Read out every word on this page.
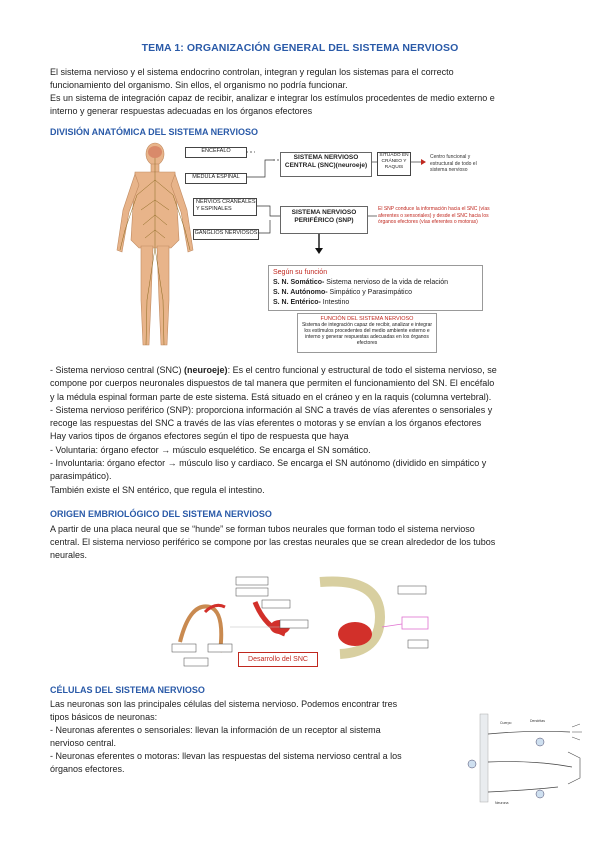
TEMA 1: ORGANIZACIÓN GENERAL DEL SISTEMA NERVIOSO
El sistema nervioso y el sistema endocrino controlan, integran y regulan los sistemas para el correcto
funcionamiento del organismo. Sin ellos, el organismo no podría funcionar.
Es un sistema de integración capaz de recibir, analizar e integrar los estímulos procedentes de medio externo e
interno y generar respuestas adecuadas en los órganos efectores
DIVISIÓN ANATÓMICA DEL SISTEMA NERVIOSO
ENCÉFALO
MÉDULA ESPINAL
NERVIOS CRANEALES Y ESPINALES
GANGLIOS NERVIOSOS
SISTEMA NERVIOSO CENTRAL (SNC)(neuroeje)
SITUADO EN CRÁNEO Y RAQUIS
Centro funcional y estructural de todo el sistema nervioso
SISTEMA NERVIOSO PERIFÉRICO (SNP)
El SNP conduce la información hacia el SNC (vías aferentes o sensoriales) y desde el SNC hacia los órganos efectores (vías eferentes o motoras)
Según su función
S. N. Somático- Sistema nervioso de la vida de relación
S. N. Autónomo- Simpático y Parasimpático
S. N. Entérico- Intestino
FUNCIÓN DEL SISTEMA NERVIOSO
Sistema de integración capaz de recibir, analizar e integrar los estímulos procedentes del medio ambiente externo e interno y generar respuestas adecuadas en los órganos efectores
- Sistema nervioso central (SNC) (neuroeje): Es el centro funcional y estructural de todo el sistema nervioso, se
compone por cuerpos neuronales dispuestos de tal manera que permiten el funcionamiento del SN. El encéfalo
y la médula espinal forman parte de este sistema. Está situado en el cráneo y en la raquis (columna vertebral).
- Sistema nervioso periférico (SNP): proporciona información al SNC a través de vías aferentes o sensoriales y
recoge las respuestas del SNC a través de las vías eferentes o motoras y se envían a los órganos efectores
Hay varios tipos de órganos efectores según el tipo de respuesta que haya
- Voluntaria: órgano efector → músculo esquelético. Se encarga el SN somático.
- Involuntaria: órgano efector → músculo liso y cardiaco. Se encarga el SN autónomo (dividido en simpático y
parasimpático).
También existe el SN entérico, que regula el intestino.
ORIGEN EMBRIOLÓGICO DEL SISTEMA NERVIOSO
A partir de una placa neural que se “hunde” se forman tubos neurales que forman todo el sistema nervioso
central. El sistema nervioso periférico se compone por las crestas neurales que se crean alrededor de los tubos
neurales.
Desarrollo del SNC
CÉLULAS DEL SISTEMA NERVIOSO
Las neuronas son las principales células del sistema nervioso. Podemos encontrar tres
tipos básicos de neuronas:
- Neuronas aferentes o sensoriales: llevan la información de un receptor al sistema
nervioso central.
- Neuronas eferentes o motoras: llevan las respuestas del sistema nervioso central a los
órganos efectores.
Cuerpo	Dendritas
Neurona
